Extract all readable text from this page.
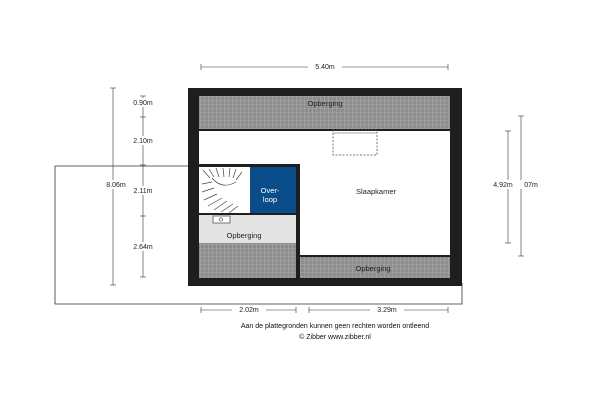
Opberging
Slaapkamer
Over-
loop
Opberging
Opberging
5.40m
0.90m
2.10m
8.06m
2.11m
2.64m
4.92m 07m
2.02m	3.29m
Aan de plattegronden kunnen geen rechten worden ontleend
© Zibber www.zibber.nl
